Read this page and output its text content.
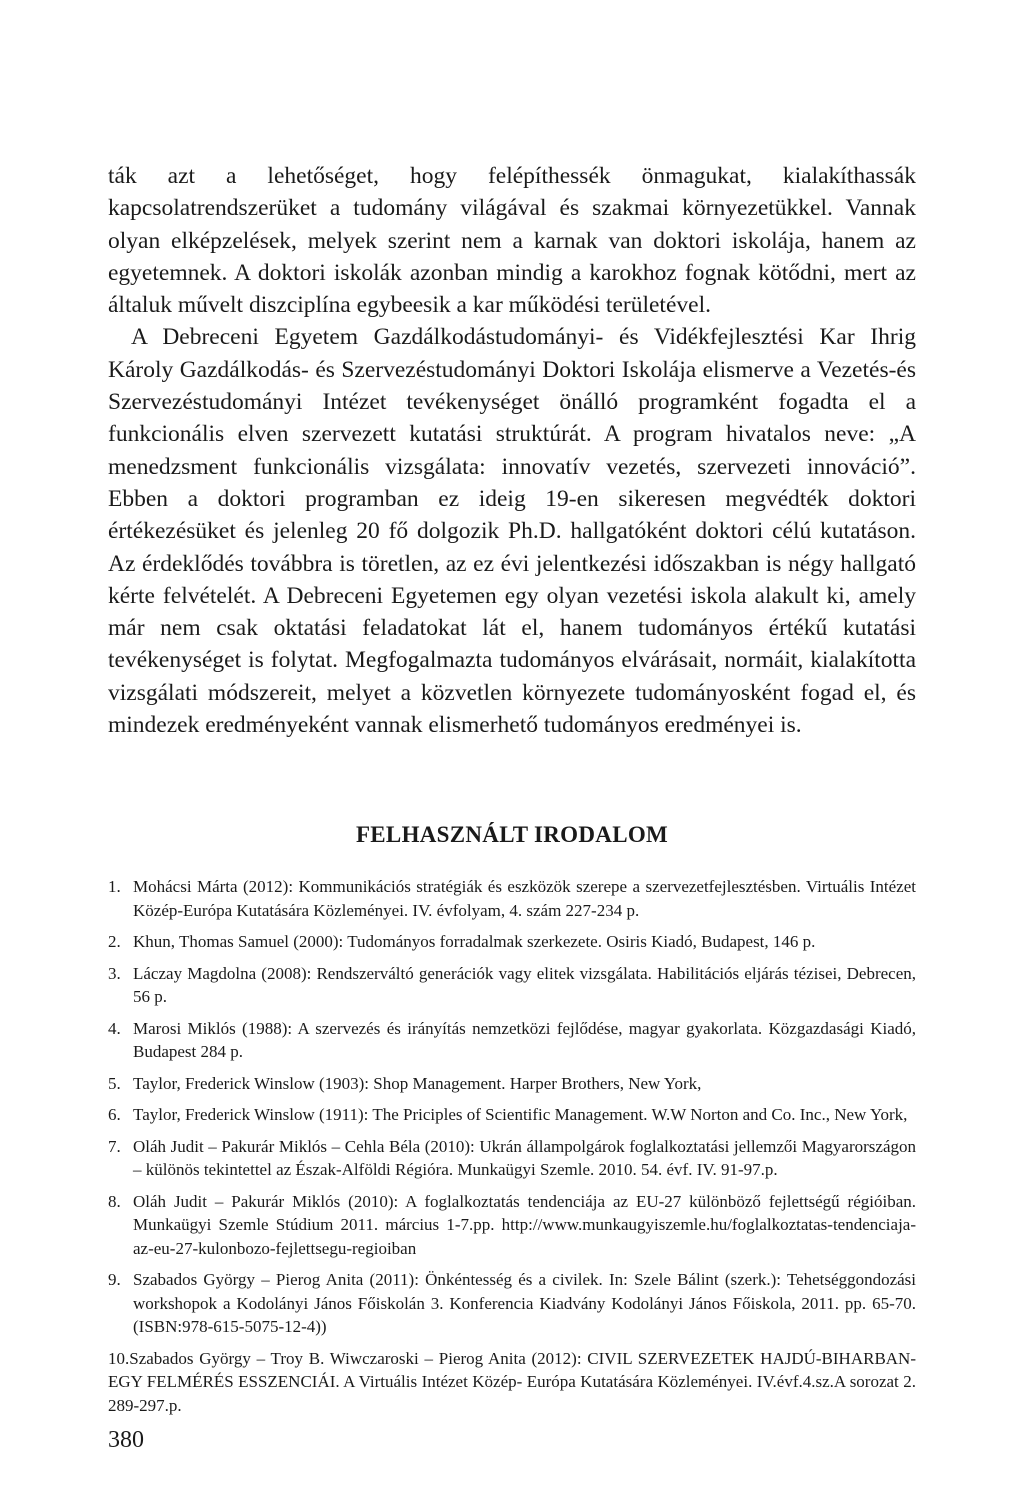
ták azt a lehetőséget, hogy felépíthessék önmagukat, kialakíthassák kapcsolatrendszerüket a tudomány világával és szakmai környezetükkel. Vannak olyan elképzelések, melyek szerint nem a karnak van doktori iskolája, hanem az egyetemnek. A doktori iskolák azonban mindig a karokhoz fognak kötődni, mert az általuk művelt diszciplína egybeesik a kar működési területével.

A Debreceni Egyetem Gazdálkodástudományi- és Vidékfejlesztési Kar Ihrig Károly Gazdálkodás- és Szervezéstudományi Doktori Iskolája elismerve a Vezetés-és Szervezéstudományi Intézet tevékenységet önálló programként fogadta el a funkcionális elven szervezett kutatási struktúrát. A program hivatalos neve: „A menedzsment funkcionális vizsgálata: innovatív vezetés, szervezeti innováció”. Ebben a doktori programban ez ideig 19-en sikeresen megvédték doktori értékezésüket és jelenleg 20 fő dolgozik Ph.D. hallgatóként doktori célú kutatáson. Az érdeklődés továbbra is töretlen, az ez évi jelentkezési időszakban is négy hallgató kérte felvételét. A Debreceni Egyetemen egy olyan vezetési iskola alakult ki, amely már nem csak oktatási feladatokat lát el, hanem tudományos értékű kutatási tevékenységet is folytat. Megfogalmazta tudományos elvárásait, normáit, kialakította vizsgálati módszereit, melyet a közvetlen környezete tudományosként fogad el, és mindezek eredményeként vannak elismerhető tudományos eredményei is.

FELHASZNÁLT IRODALOM
1. Mohácsi Márta (2012): Kommunikációs stratégiák és eszközök szerepe a szervezetfejlesztésben. Virtuális Intézet Közép-Európa Kutatására Közleményei. IV. évfolyam, 4. szám 227-234 p.
2. Khun, Thomas Samuel (2000): Tudományos forradalmak szerkezete. Osiris Kiadó, Budapest, 146 p.
3. Láczay Magdolna (2008): Rendszerváltó generációk vagy elitek vizsgálata. Habilitációs eljárás tézisei, Debrecen, 56 p.
4. Marosi Miklós (1988): A szervezés és irányítás nemzetközi fejlődése, magyar gyakorlata. Közgazdasági Kiadó, Budapest 284 p.
5. Taylor, Frederick Winslow (1903): Shop Management. Harper Brothers, New York,
6. Taylor, Frederick Winslow (1911): The Priciples of Scientific Management. W.W Norton and Co. Inc., New York,
7. Oláh Judit – Pakurár Miklós – Cehla Béla (2010): Ukrán állampolgárok foglalkoztatási jellemzői Magyarországon – különös tekintettel az Észak-Alföldi Régióra. Munkaügyi Szemle. 2010. 54. évf. IV. 91-97.p.
8. Oláh Judit – Pakurár Miklós (2010): A foglalkoztatás tendenciája az EU-27 különböző fejlettségű régióiban. Munkaügyi Szemle Stúdium 2011. március 1-7.pp. http://www.munkaugyiszemle.hu/foglalkoztatas-tendenciaja-az-eu-27-kulonbozo-fejlettsegu-regioiban
9. Szabados György – Pierog Anita (2011): Önkéntesség és a civilek. In: Szele Bálint (szerk.): Tehetséggondozási workshopok a Kodolányi János Főiskolán 3. Konferencia Kiadvány Kodolányi János Főiskola, 2011. pp. 65-70. (ISBN:978-615-5075-12-4))
10.Szabados György – Troy B. Wiwczaroski – Pierog Anita (2012): CIVIL SZERVEZETEK HAJDÚ-BIHARBAN-EGY FELMÉRÉS ESSZENCIÁI. A Virtuális Intézet Közép- Európa Kutatására Közleményei. IV.évf.4.sz.A sorozat 2. 289-297.p.
380
